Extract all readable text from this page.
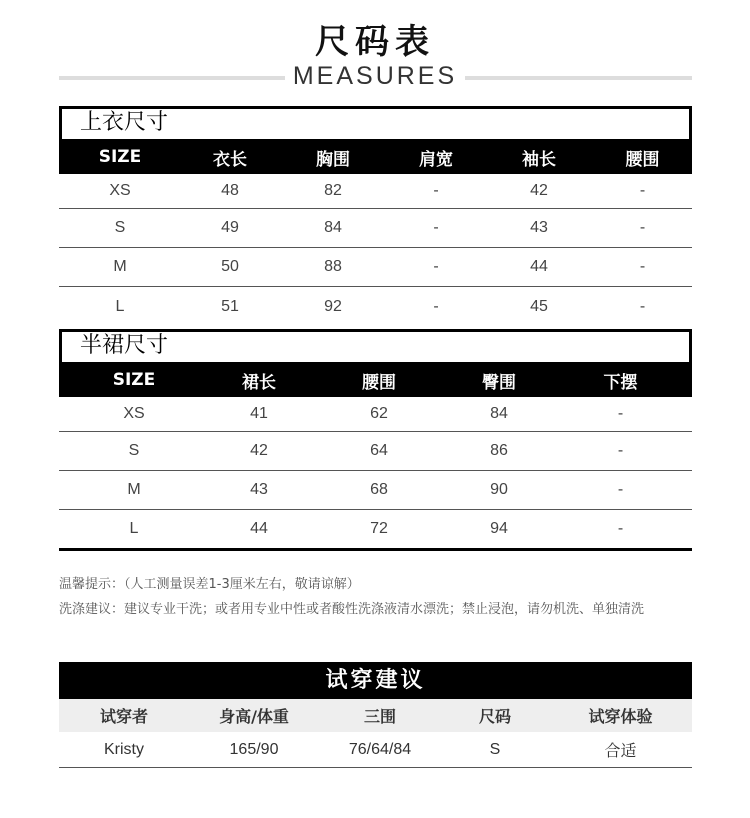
尺码表
MEASURES
上衣尺寸
SIZE	衣长	胸围	肩宽	袖长	腰围
XS	48	82	-	42	-
S	49	84	-	43	-
M	50	88	-	44	-
L	51	92	-	45	-
半裙尺寸
SIZE	裙长	腰围	臀围	下摆
XS	41	62	84	-
S	42	64	86	-
M	43	68	90	-
L	44	72	94	-
温馨提示：（人工测量误差1-3厘米左右，敬请谅解）
洗涤建议：建议专业干洗；或者用专业中性或者酸性洗涤液清水漂洗；禁止浸泡，请勿机洗、单独清洗
试穿建议
试穿者	身高/体重	三围	尺码	试穿体验
Kristy	165/90	76/64/84	S	合适
